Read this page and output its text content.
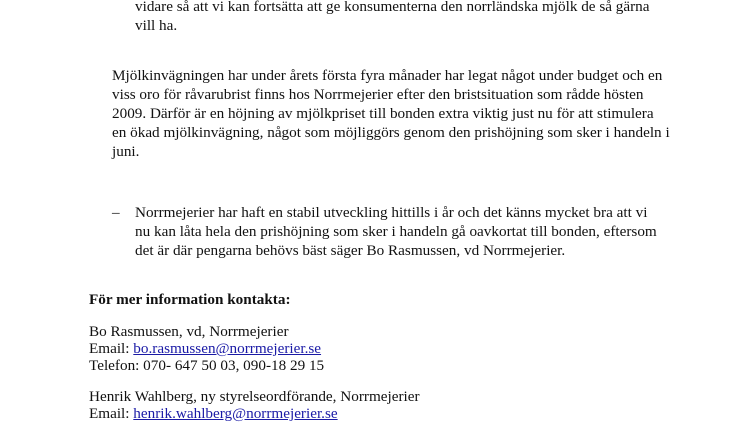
vidare så att vi kan fortsätta att ge konsumenterna den norrländska mjölk de så gärna
vill ha.
Mjölkinvägningen har under årets första fyra månader har legat något under budget och en
viss oro för råvarubrist finns hos Norrmejerier efter den bristsituation som rådde hösten
2009. Därför är en höjning av mjölkpriset till bonden extra viktig just nu för att stimulera
en ökad mjölkinvägning, något som möjliggörs genom den prishöjning som sker i handeln i
juni.
– Norrmejerier har haft en stabil utveckling hittills i år och det känns mycket bra att vi
nu kan låta hela den prishöjning som sker i handeln gå oavkortat till bonden, eftersom
det är där pengarna behövs bäst säger Bo Rasmussen, vd Norrmejerier.
För mer information kontakta:
Bo Rasmussen, vd, Norrmejerier
Email: bo.rasmussen@norrmejerier.se
Telefon: 070- 647 50 03, 090-18 29 15
Henrik Wahlberg, ny styrelseordförande, Norrmejerier
Email: henrik.wahlberg@norrmejerier.se
